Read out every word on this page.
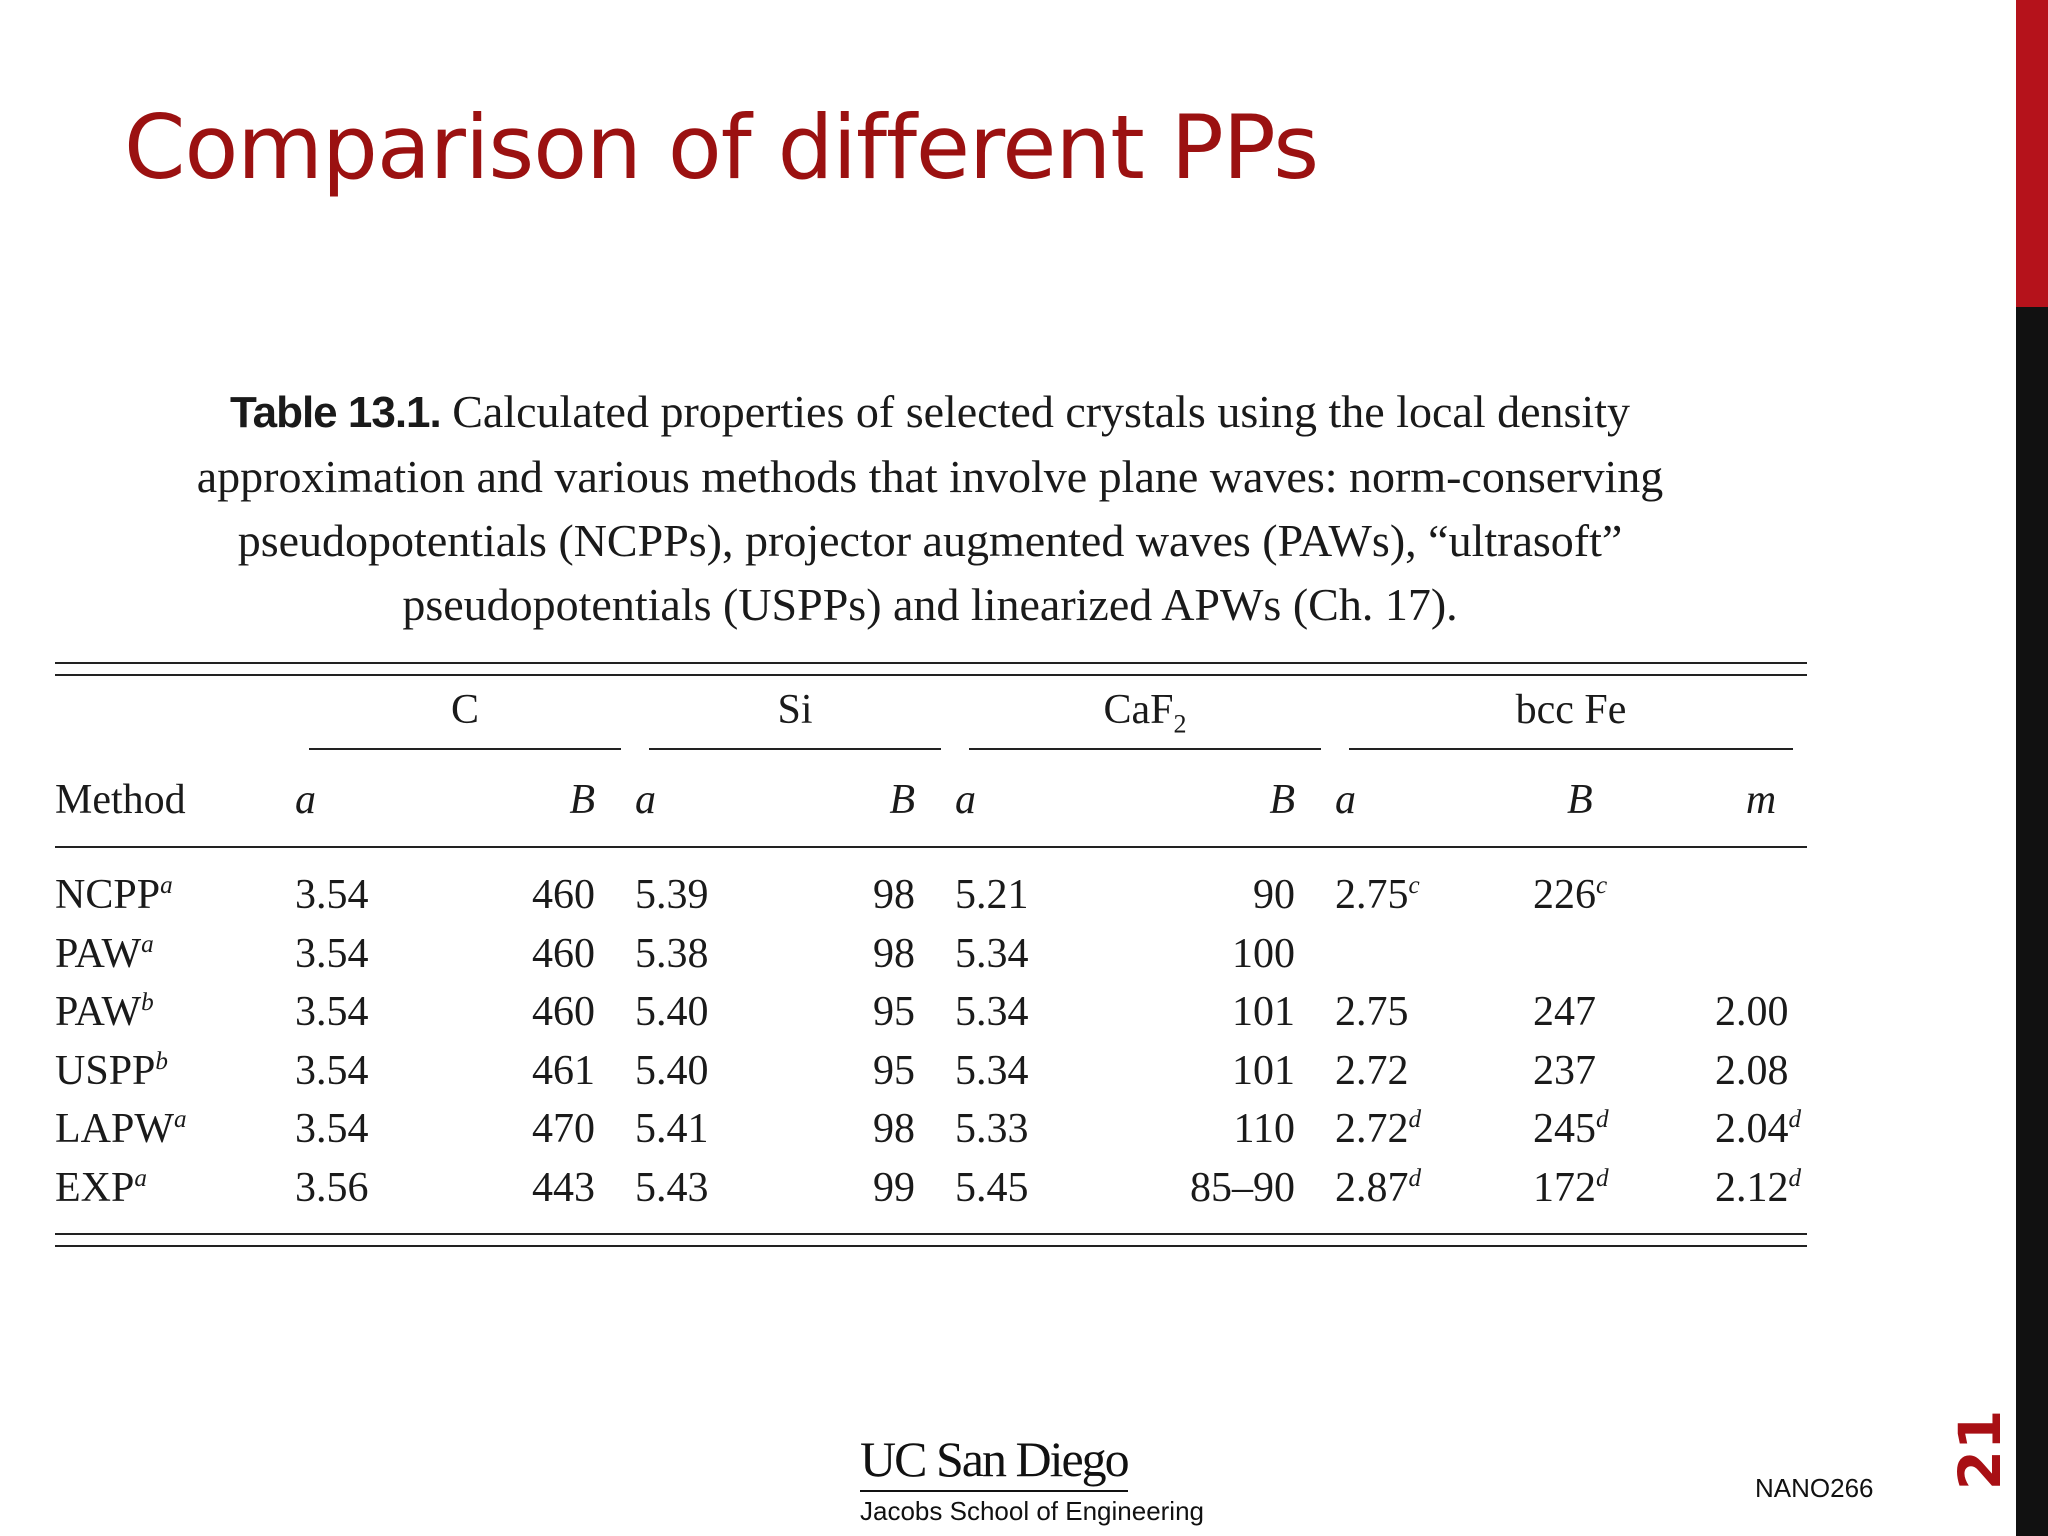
Comparison of different PPs
Table 13.1. Calculated properties of selected crystals using the local density approximation and various methods that involve plane waves: norm-conserving pseudopotentials (NCPPs), projector augmented waves (PAWs), “ultrasoft” pseudopotentials (USPPs) and linearized APWs (Ch. 17).
	C		Si		CaF$_2$		bcc Fe		

Method	a	B	a	B	a	B	a	B	m

NCPP$^a$	3.54	460	5.39	98	5.21	90	2.75$^c$	226$^c$	
PAW$^a$	3.54	460	5.38	98	5.34	100			
PAW$^b$	3.54	460	5.40	95	5.34	101	2.75	247	2.00
USPP$^b$	3.54	461	5.40	95	5.34	101	2.72	237	2.08
LAPW$^a$	3.54	470	5.41	98	5.33	110	2.72$^d$	245$^d$	2.04$^d$
EXP$^a$	3.56	443	5.43	99	5.45	85–90	2.87$^d$	172$^d$	2.12$^d$
UC San Diego
Jacobs School of Engineering
NANO266 21
